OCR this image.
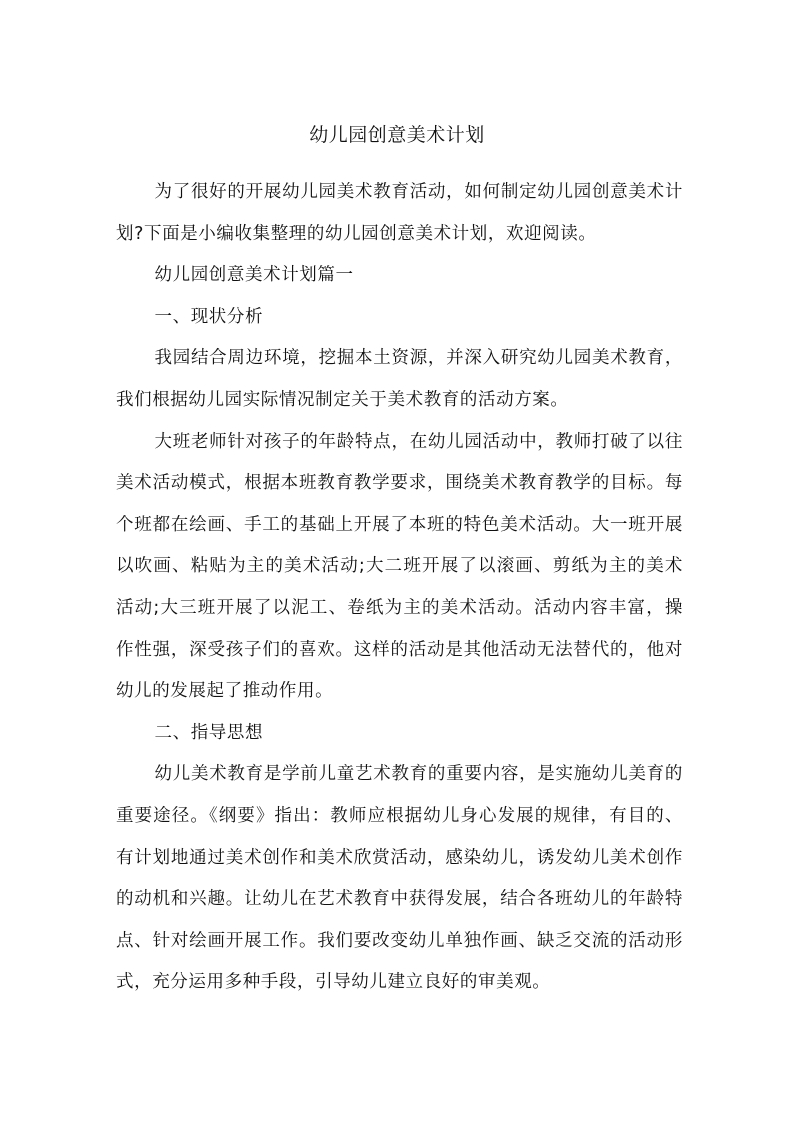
幼儿园创意美术计划

为了很好的开展幼儿园美术教育活动，如何制定幼儿园创意美术计划?下面是小编收集整理的幼儿园创意美术计划，欢迎阅读。

幼儿园创意美术计划篇一

一、现状分析

我园结合周边环境，挖掘本土资源，并深入研究幼儿园美术教育，我们根据幼儿园实际情况制定关于美术教育的活动方案。

大班老师针对孩子的年龄特点，在幼儿园活动中，教师打破了以往美术活动模式，根据本班教育教学要求，围绕美术教育教学的目标。每个班都在绘画、手工的基础上开展了本班的特色美术活动。大一班开展以吹画、粘贴为主的美术活动;大二班开展了以滚画、剪纸为主的美术活动;大三班开展了以泥工、卷纸为主的美术活动。活动内容丰富，操作性强，深受孩子们的喜欢。这样的活动是其他活动无法替代的，他对幼儿的发展起了推动作用。

二、指导思想

幼儿美术教育是学前儿童艺术教育的重要内容，是实施幼儿美育的重要途径。《纲要》指出：教师应根据幼儿身心发展的规律，有目的、有计划地通过美术创作和美术欣赏活动，感染幼儿，诱发幼儿美术创作的动机和兴趣。让幼儿在艺术教育中获得发展，结合各班幼儿的年龄特点、针对绘画开展工作。我们要改变幼儿单独作画、缺乏交流的活动形式，充分运用多种手段，引导幼儿建立良好的审美观。
